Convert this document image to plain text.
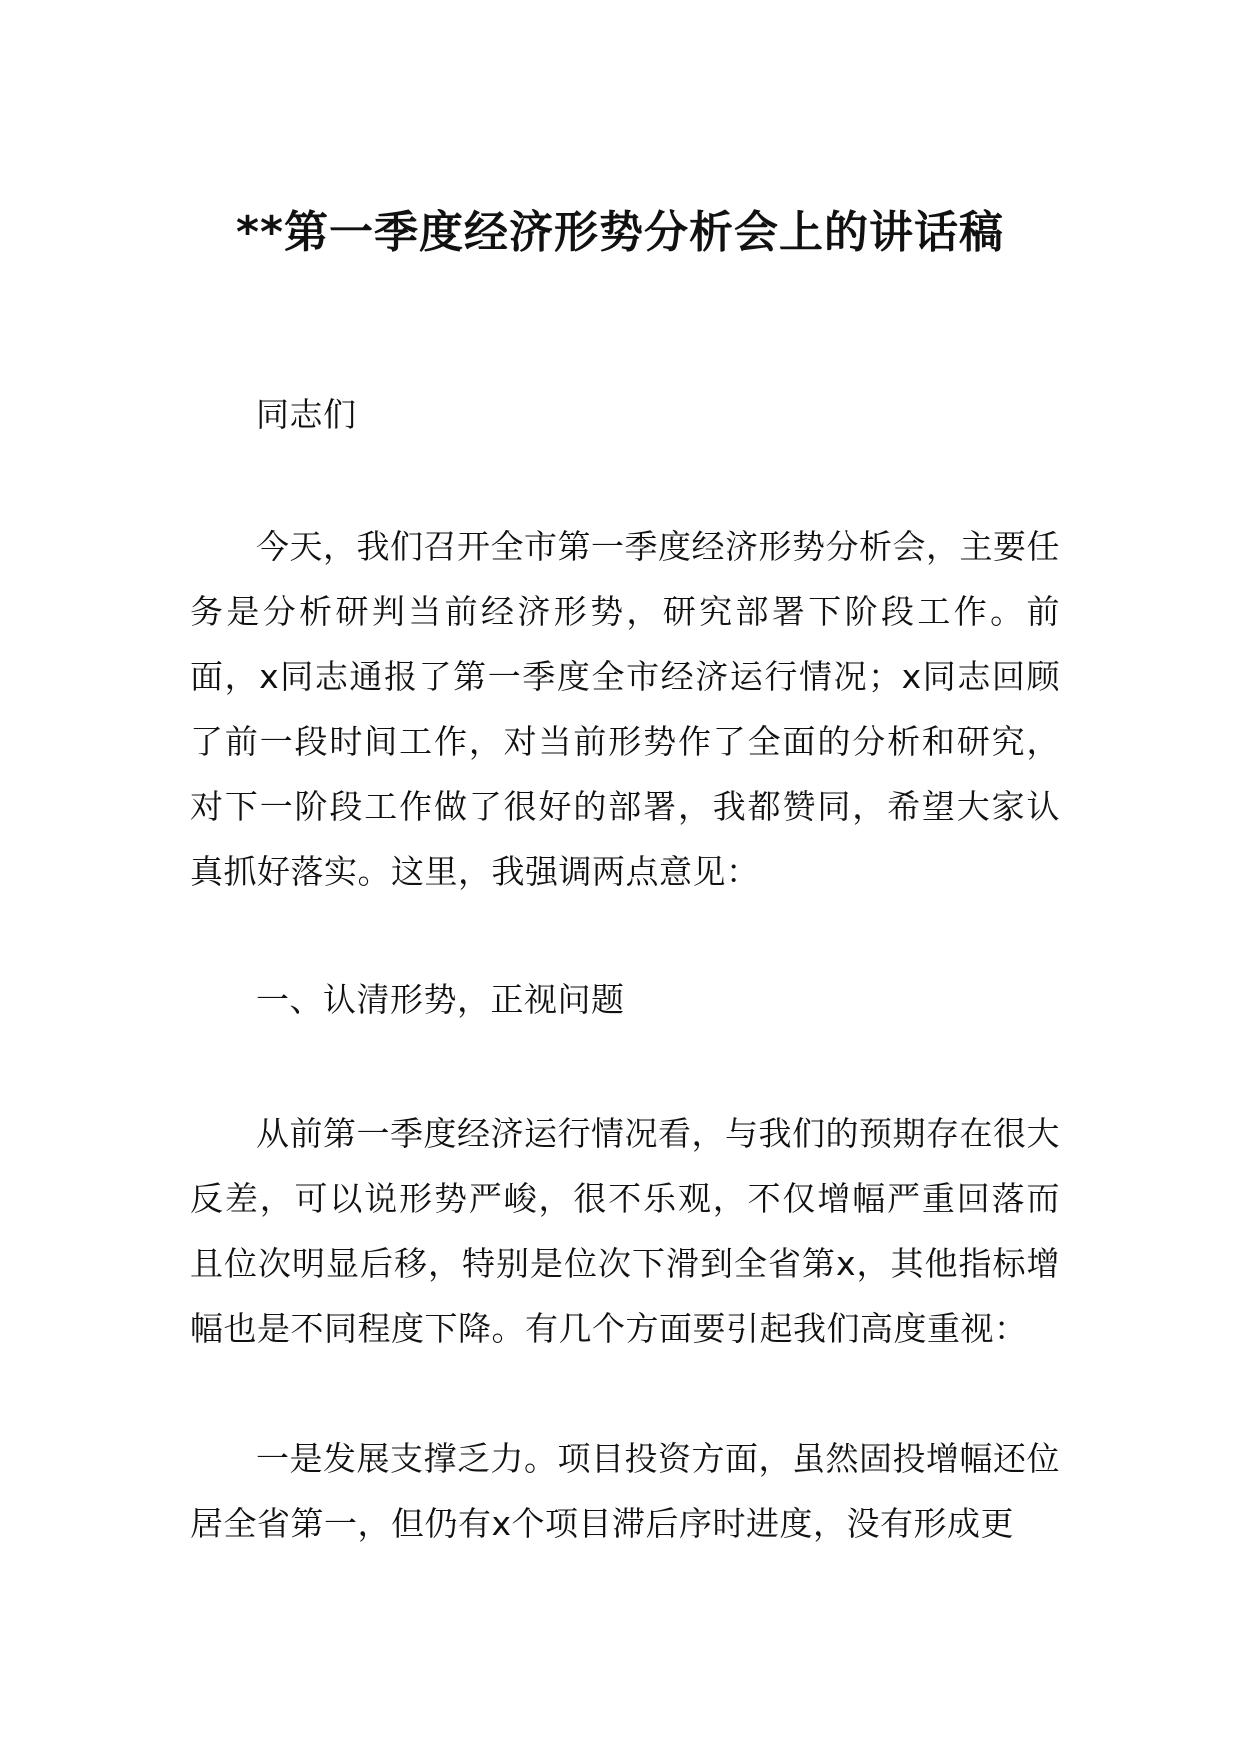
**第一季度经济形势分析会上的讲话稿
同志们
今天，我们召开全市第一季度经济形势分析会，主要任务是分析研判当前经济形势，研究部署下阶段工作。前面，x同志通报了第一季度全市经济运行情况；x同志回顾了前一段时间工作，对当前形势作了全面的分析和研究，对下一阶段工作做了很好的部署，我都赞同，希望大家认真抓好落实。这里，我强调两点意见：
一、认清形势，正视问题
从前第一季度经济运行情况看，与我们的预期存在很大反差，可以说形势严峻，很不乐观，不仅增幅严重回落而且位次明显后移，特别是位次下滑到全省第x，其他指标增幅也是不同程度下降。有几个方面要引起我们高度重视：
一是发展支撑乏力。项目投资方面，虽然固投增幅还位居全省第一，但仍有x个项目滞后序时进度，没有形成更
